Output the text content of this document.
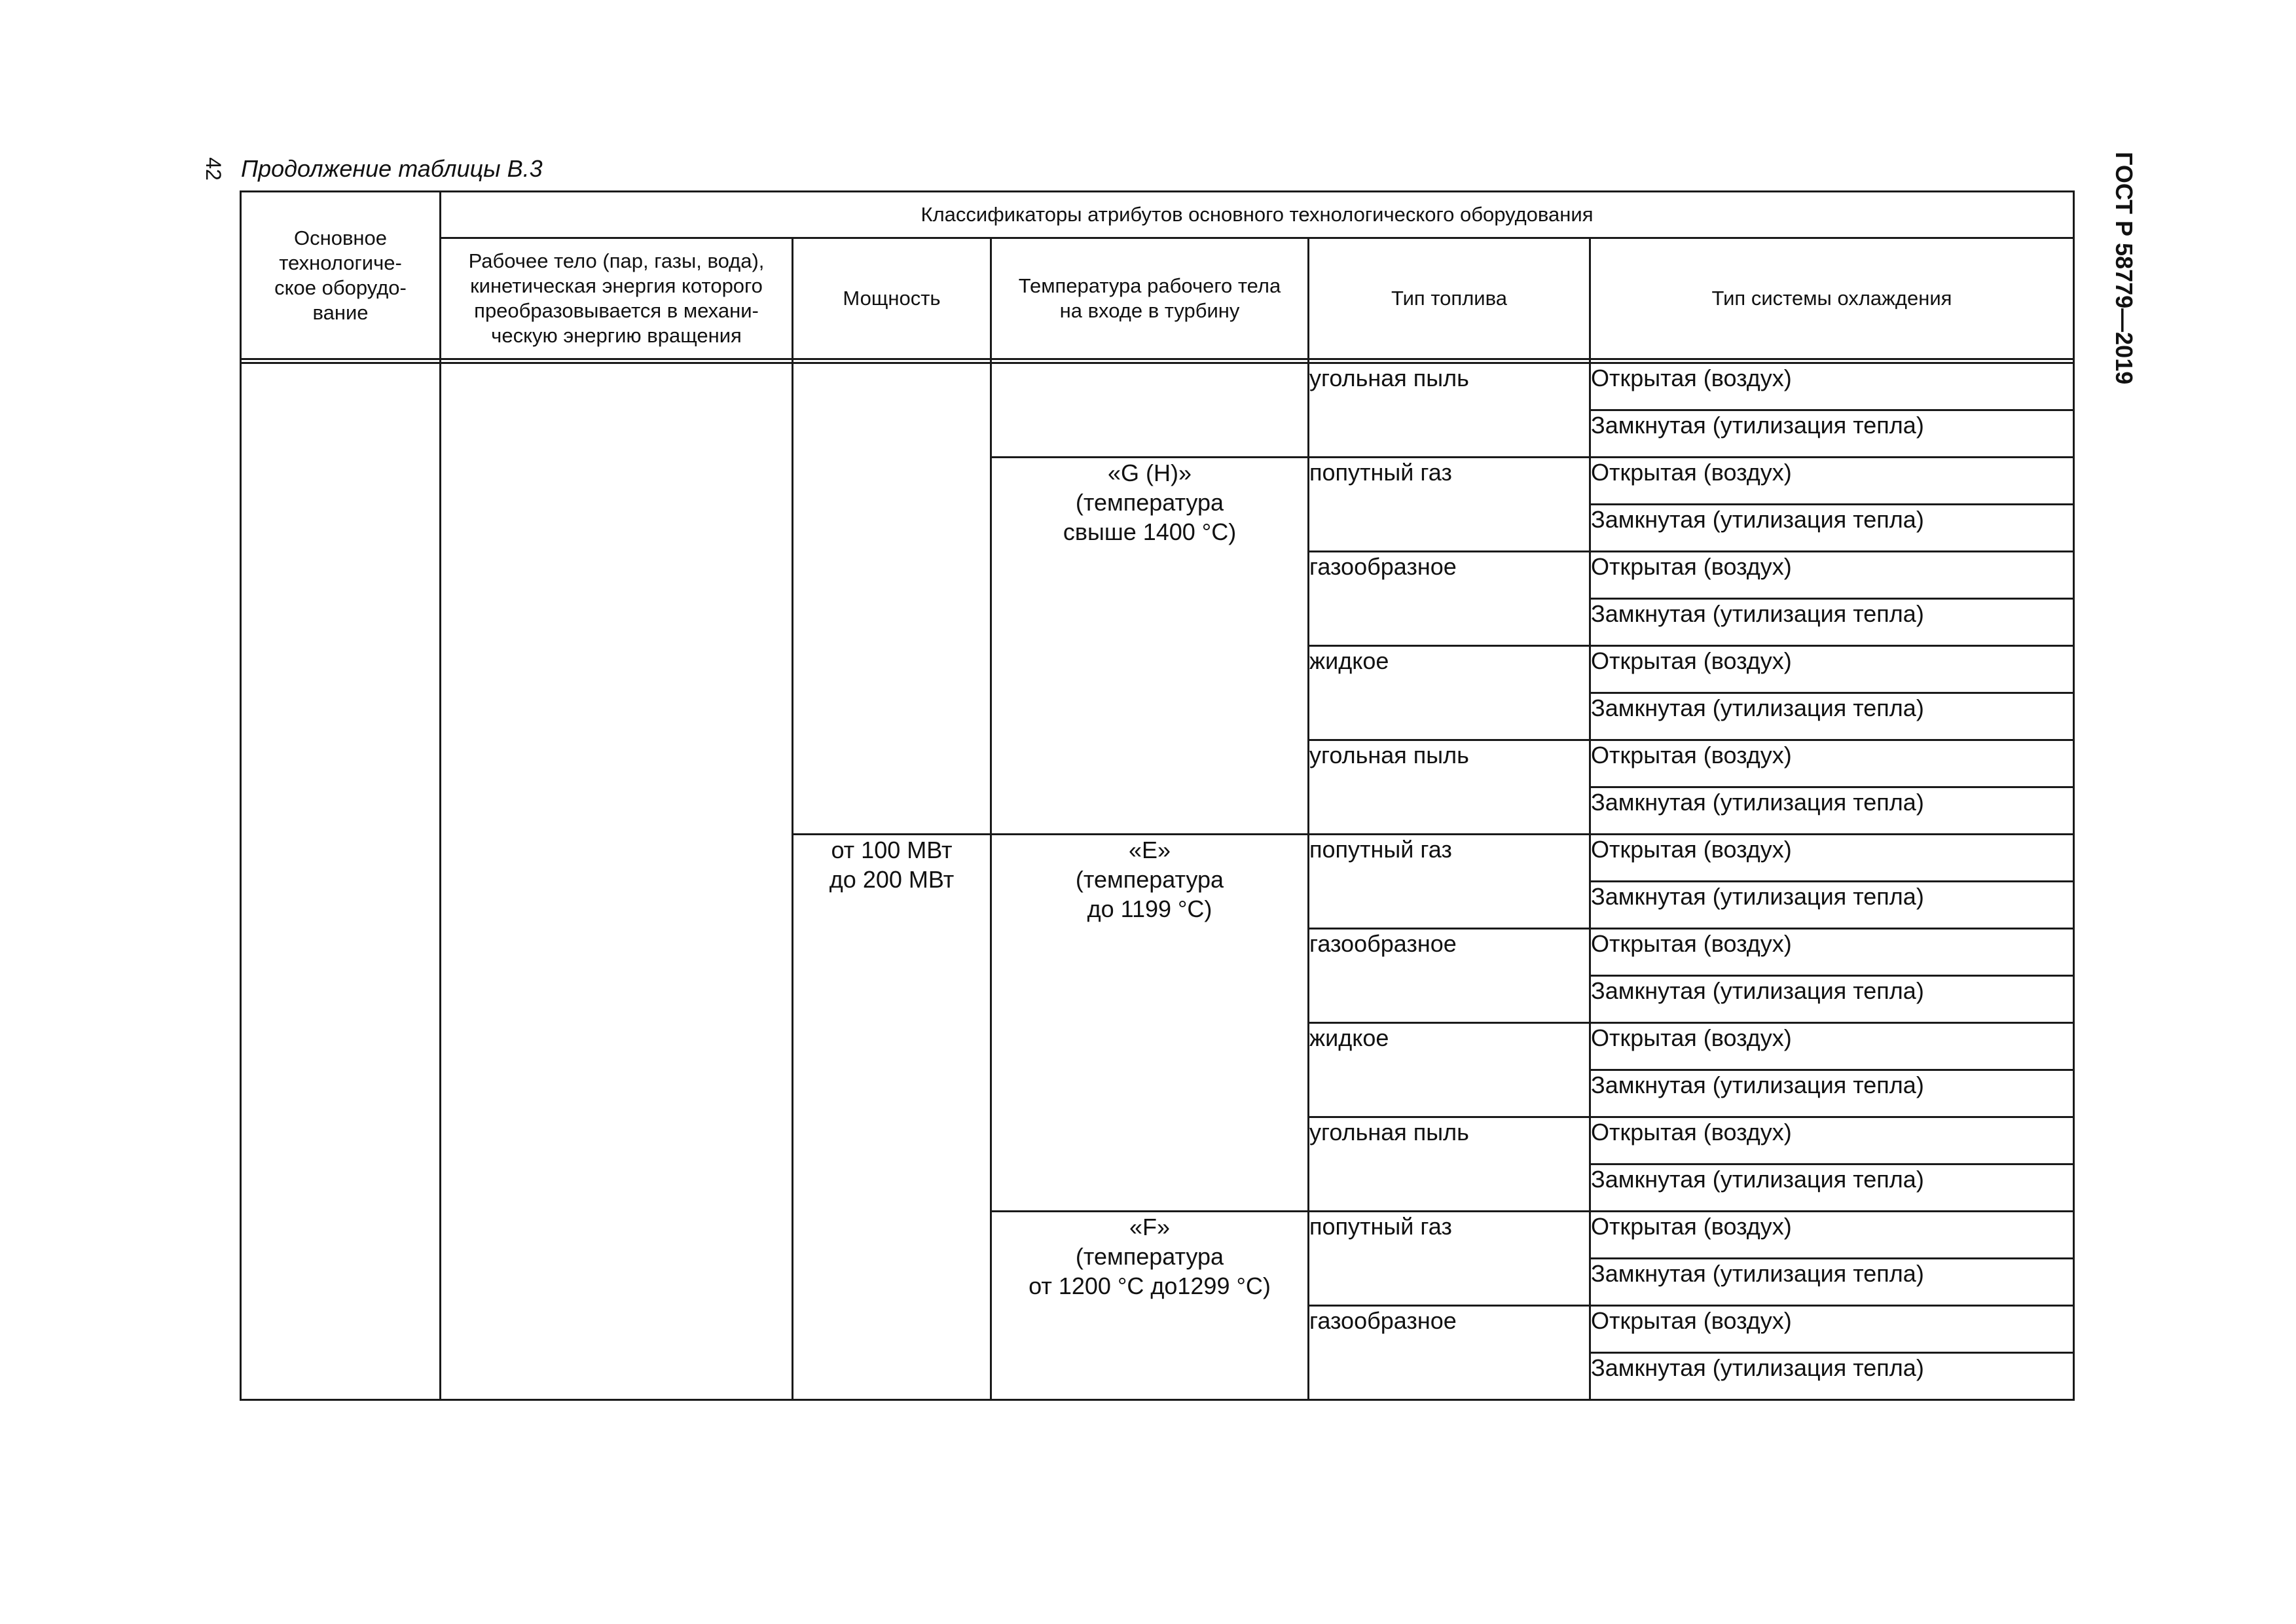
42 Продолжение таблицы В.3	ГОСТ Р 58779—2019
Основное
технологиче-
ское оборудо-
вание	Классификаторы атрибутов основного технологического оборудования				

	Рабочее тело (пар, газы, вода),
кинетическая энергия которого
преобразовывается в механи-
ческую энергию вращения	Мощность	Температура рабочего тела
на входе в турбину	Тип топлива	Тип системы охлаждения

				угольная пыль	Открытая (воздух)
					Замкнутая (утилизация тепла)

			«G (H)»
(температура
свыше 1400 °С)	попутный газ	Открытая (воздух)
					Замкнутая (утилизация тепла)
				газообразное	Открытая (воздух)
					Замкнутая (утилизация тепла)
				жидкое	Открытая (воздух)
					Замкнутая (утилизация тепла)
				угольная пыль	Открытая (воздух)
					Замкнутая (утилизация тепла)

		от 100 МВт
до 200 МВт	«E»
(температура
до 1199 °С)	попутный газ	Открытая (воздух)
					Замкнутая (утилизация тепла)
				газообразное	Открытая (воздух)
					Замкнутая (утилизация тепла)
				жидкое	Открытая (воздух)
					Замкнутая (утилизация тепла)
				угольная пыль	Открытая (воздух)
					Замкнутая (утилизация тепла)

			«F»
(температура
от 1200 °С до1299 °С)	попутный газ	Открытая (воздух)
					Замкнутая (утилизация тепла)
				газообразное	Открытая (воздух)
					Замкнутая (утилизация тепла)
